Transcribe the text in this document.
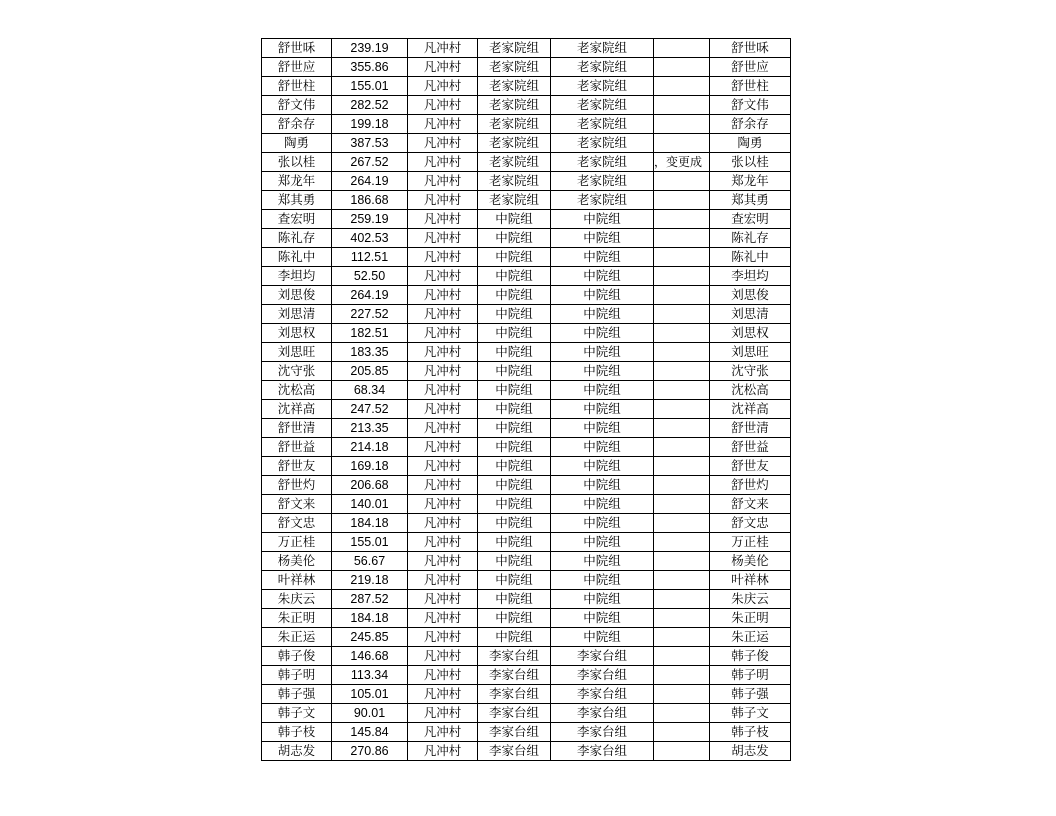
舒世咊	239.19	凡冲村	老家院组	老家院组		舒世咊
舒世应	355.86	凡冲村	老家院组	老家院组		舒世应
舒世柱	155.01	凡冲村	老家院组	老家院组		舒世柱
舒文伟	282.52	凡冲村	老家院组	老家院组		舒文伟
舒余存	199.18	凡冲村	老家院组	老家院组		舒余存
陶勇	387.53	凡冲村	老家院组	老家院组		陶勇
张以桂	267.52	凡冲村	老家院组	老家院组	，变更成	张以桂
郑龙年	264.19	凡冲村	老家院组	老家院组		郑龙年
郑其勇	186.68	凡冲村	老家院组	老家院组		郑其勇
查宏明	259.19	凡冲村	中院组	中院组		查宏明
陈礼存	402.53	凡冲村	中院组	中院组		陈礼存
陈礼中	112.51	凡冲村	中院组	中院组		陈礼中
李坦均	52.50	凡冲村	中院组	中院组		李坦均
刘思俊	264.19	凡冲村	中院组	中院组		刘思俊
刘思清	227.52	凡冲村	中院组	中院组		刘思清
刘思权	182.51	凡冲村	中院组	中院组		刘思权
刘思旺	183.35	凡冲村	中院组	中院组		刘思旺
沈守张	205.85	凡冲村	中院组	中院组		沈守张
沈松高	68.34	凡冲村	中院组	中院组		沈松高
沈祥高	247.52	凡冲村	中院组	中院组		沈祥高
舒世清	213.35	凡冲村	中院组	中院组		舒世清
舒世益	214.18	凡冲村	中院组	中院组		舒世益
舒世友	169.18	凡冲村	中院组	中院组		舒世友
舒世灼	206.68	凡冲村	中院组	中院组		舒世灼
舒文来	140.01	凡冲村	中院组	中院组		舒文来
舒文忠	184.18	凡冲村	中院组	中院组		舒文忠
万正桂	155.01	凡冲村	中院组	中院组		万正桂
杨美伦	56.67	凡冲村	中院组	中院组		杨美伦
叶祥林	219.18	凡冲村	中院组	中院组		叶祥林
朱庆云	287.52	凡冲村	中院组	中院组		朱庆云
朱正明	184.18	凡冲村	中院组	中院组		朱正明
朱正运	245.85	凡冲村	中院组	中院组		朱正运
韩子俊	146.68	凡冲村	李家台组	李家台组		韩子俊
韩子明	113.34	凡冲村	李家台组	李家台组		韩子明
韩子强	105.01	凡冲村	李家台组	李家台组		韩子强
韩子文	90.01	凡冲村	李家台组	李家台组		韩子文
韩子枝	145.84	凡冲村	李家台组	李家台组		韩子枝
胡志发	270.86	凡冲村	李家台组	李家台组		胡志发
